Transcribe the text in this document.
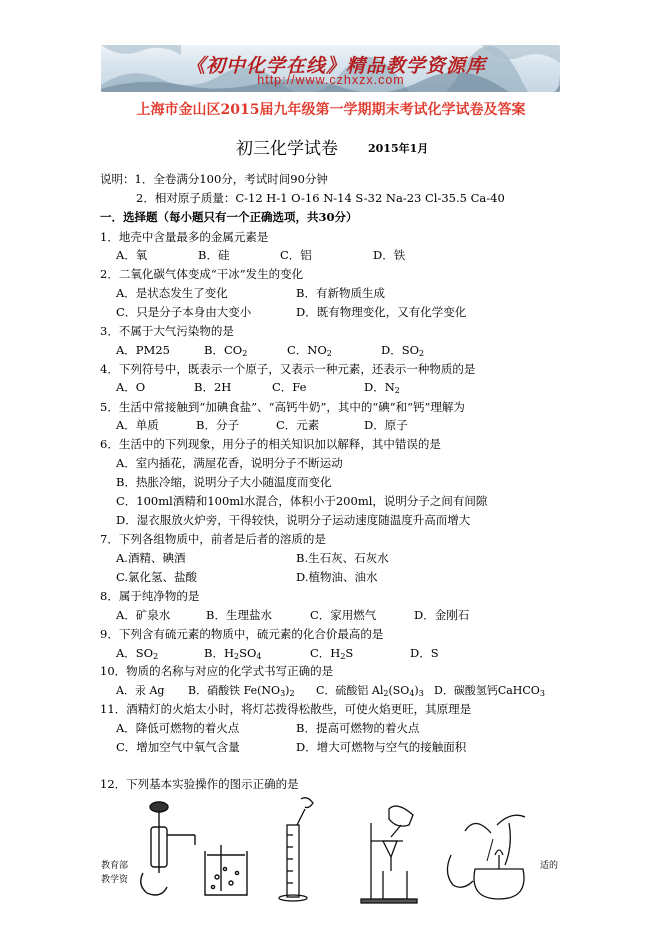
《初中化学在线》精品教学资源库
http://www.czhxzx.com
上海市金山区2015届九年级第一学期期末考试化学试卷及答案
初三化学试卷	2015年1月
说明：1．全卷满分100分，考试时间90分钟
2．相对原子质量：C-12 H-1 O-16 N-14 S-32 Na-23 Cl-35.5 Ca-40
一．选择题（每小题只有一个正确选项，共30分）
1．地壳中含量最多的金属元素是
A．氧	B．硅	C．铝	D．铁
2．二氧化碳气体变成“干冰”发生的变化
A．是状态发生了变化	B．有新物质生成
C．只是分子本身由大变小	D．既有物理变化，又有化学变化
3．不属于大气污染物的是
A．PM25	B．$CO_2$	C．$NO_2$	D．$SO_2$
4．下列符号中，既表示一个原子，又表示一种元素，还表示一种物质的是
A．O	B．2H	C．Fe	D．$N_2$
5．生活中常接触到“加碘食盐”、“高钙牛奶”，其中的“碘”和“钙”理解为
A．单质	B．分子	C．元素	D．原子
6．生活中的下列现象，用分子的相关知识加以解释，其中错误的是
A．室内插花，满屋花香，说明分子不断运动
B．热胀冷缩，说明分子大小随温度而变化
C．100ml酒精和100ml水混合，体积小于200ml，说明分子之间有间隙
D．湿衣服放火炉旁，干得较快，说明分子运动速度随温度升高而增大
7．下列各组物质中，前者是后者的溶质的是
A.酒精、碘酒	B.生石灰、石灰水
C.氯化氢、盐酸	D.植物油、油水
8．属于纯净物的是
A．矿泉水	B．生理盐水	C．家用燃气	D．金刚石
9．下列含有硫元素的物质中，硫元素的化合价最高的是
A．$SO_2$	B．$H_2SO_4$	C．$H_2S$	D．S
10．物质的名称与对应的化学式书写正确的是
A．汞 Ag B．硝酸铁 $Fe(NO_3)_2$ C．硫酸铝 $Al_2(SO_4)_3$ D．碳酸氢钙CaHCO$_3$
11．酒精灯的火焰太小时，将灯芯拨得松散些，可使火焰更旺，其原理是
A．降低可燃物的着火点	B．提高可燃物的着火点
C．增加空气中氧气含量	D．增大可燃物与空气的接触面积
12．下列基本实验操作的图示正确的是
教育部
教学资
适的
